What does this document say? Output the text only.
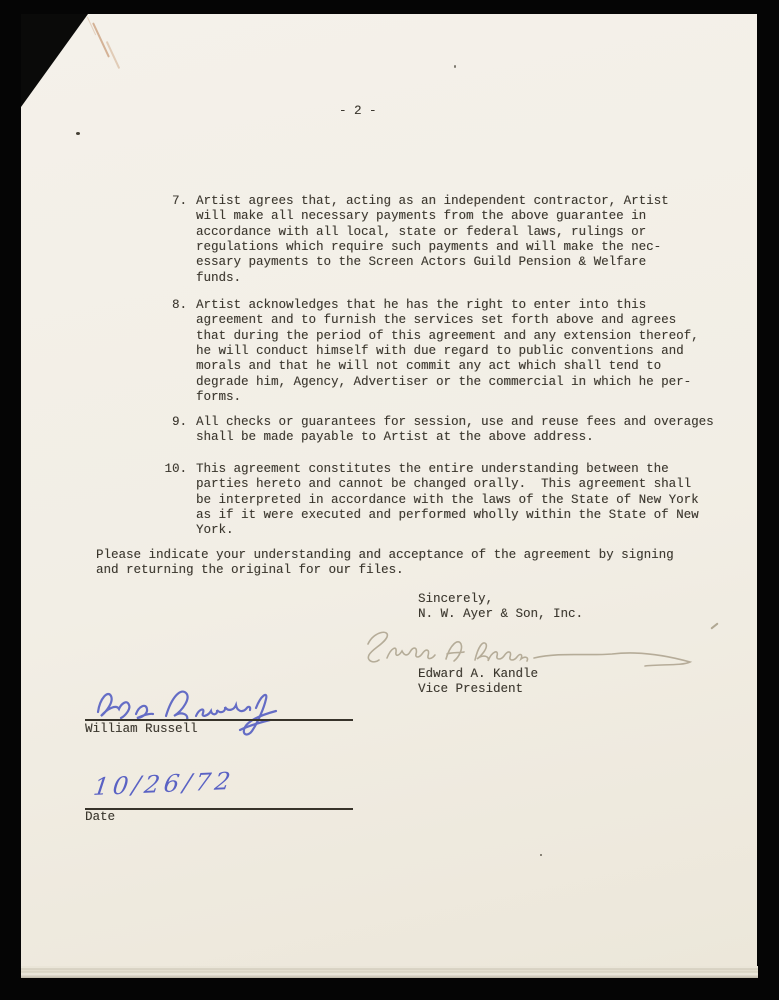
- 2 -
7. Artist agrees that, acting as an independent contractor, Artist
will make all necessary payments from the above guarantee in
accordance with all local, state or federal laws, rulings or
regulations which require such payments and will make the nec-
essary payments to the Screen Actors Guild Pension & Welfare
funds.
8. Artist acknowledges that he has the right to enter into this
agreement and to furnish the services set forth above and agrees
that during the period of this agreement and any extension thereof,
he will conduct himself with due regard to public conventions and
morals and that he will not commit any act which shall tend to
degrade him, Agency, Advertiser or the commercial in which he per-
forms.
9. All checks or guarantees for session, use and reuse fees and overages
shall be made payable to Artist at the above address.
10. This agreement constitutes the entire understanding between the
parties hereto and cannot be changed orally.  This agreement shall
be interpreted in accordance with the laws of the State of New York
as if it were executed and performed wholly within the State of New
York.
Please indicate your understanding and acceptance of the agreement by signing
and returning the original for our files.
Sincerely,
N. W. Ayer & Son, Inc.
Edward A. Kandle
Vice President
William Russell
10/26/72
Date
